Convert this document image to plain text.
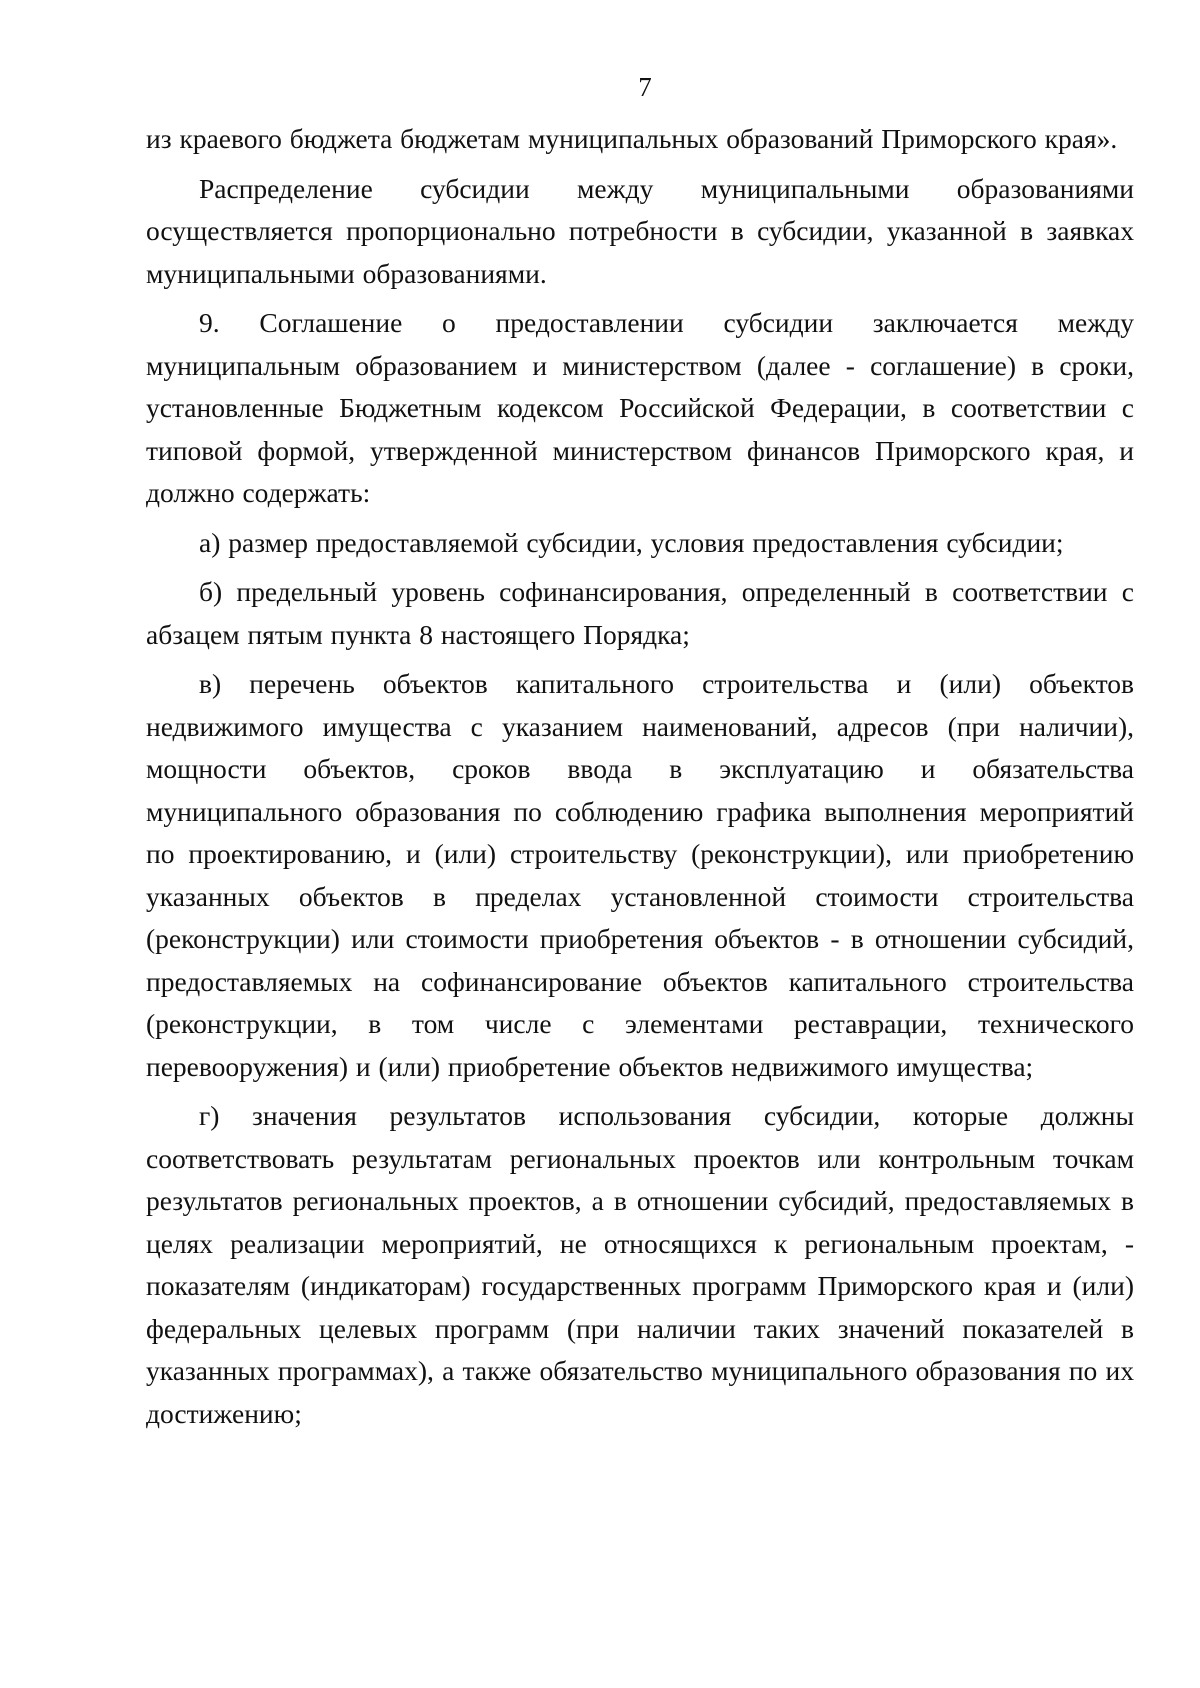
7

из краевого бюджета бюджетам муниципальных образований Приморского края».

Распределение субсидии между муниципальными образованиями осуществляется пропорционально потребности в субсидии, указанной в заявках муниципальными образованиями.

9. Соглашение о предоставлении субсидии заключается между муниципальным образованием и министерством (далее - соглашение) в сроки, установленные Бюджетным кодексом Российской Федерации, в соответствии с типовой формой, утвержденной министерством финансов Приморского края, и должно содержать:

а) размер предоставляемой субсидии, условия предоставления субсидии;

б) предельный уровень софинансирования, определенный в соответствии с абзацем пятым пункта 8 настоящего Порядка;

в) перечень объектов капитального строительства и (или) объектов недвижимого имущества с указанием наименований, адресов (при наличии), мощности объектов, сроков ввода в эксплуатацию и обязательства муниципального образования по соблюдению графика выполнения мероприятий по проектированию, и (или) строительству (реконструкции), или приобретению указанных объектов в пределах установленной стоимости строительства (реконструкции) или стоимости приобретения объектов - в отношении субсидий, предоставляемых на софинансирование объектов капитального строительства (реконструкции, в том числе с элементами реставрации, технического перевооружения) и (или) приобретение объектов недвижимого имущества;

г) значения результатов использования субсидии, которые должны соответствовать результатам региональных проектов или контрольным точкам результатов региональных проектов, а в отношении субсидий, предоставляемых в целях реализации мероприятий, не относящихся к региональным проектам, - показателям (индикаторам) государственных программ Приморского края и (или) федеральных целевых программ (при наличии таких значений показателей в указанных программах), а также обязательство муниципального образования по их достижению;
